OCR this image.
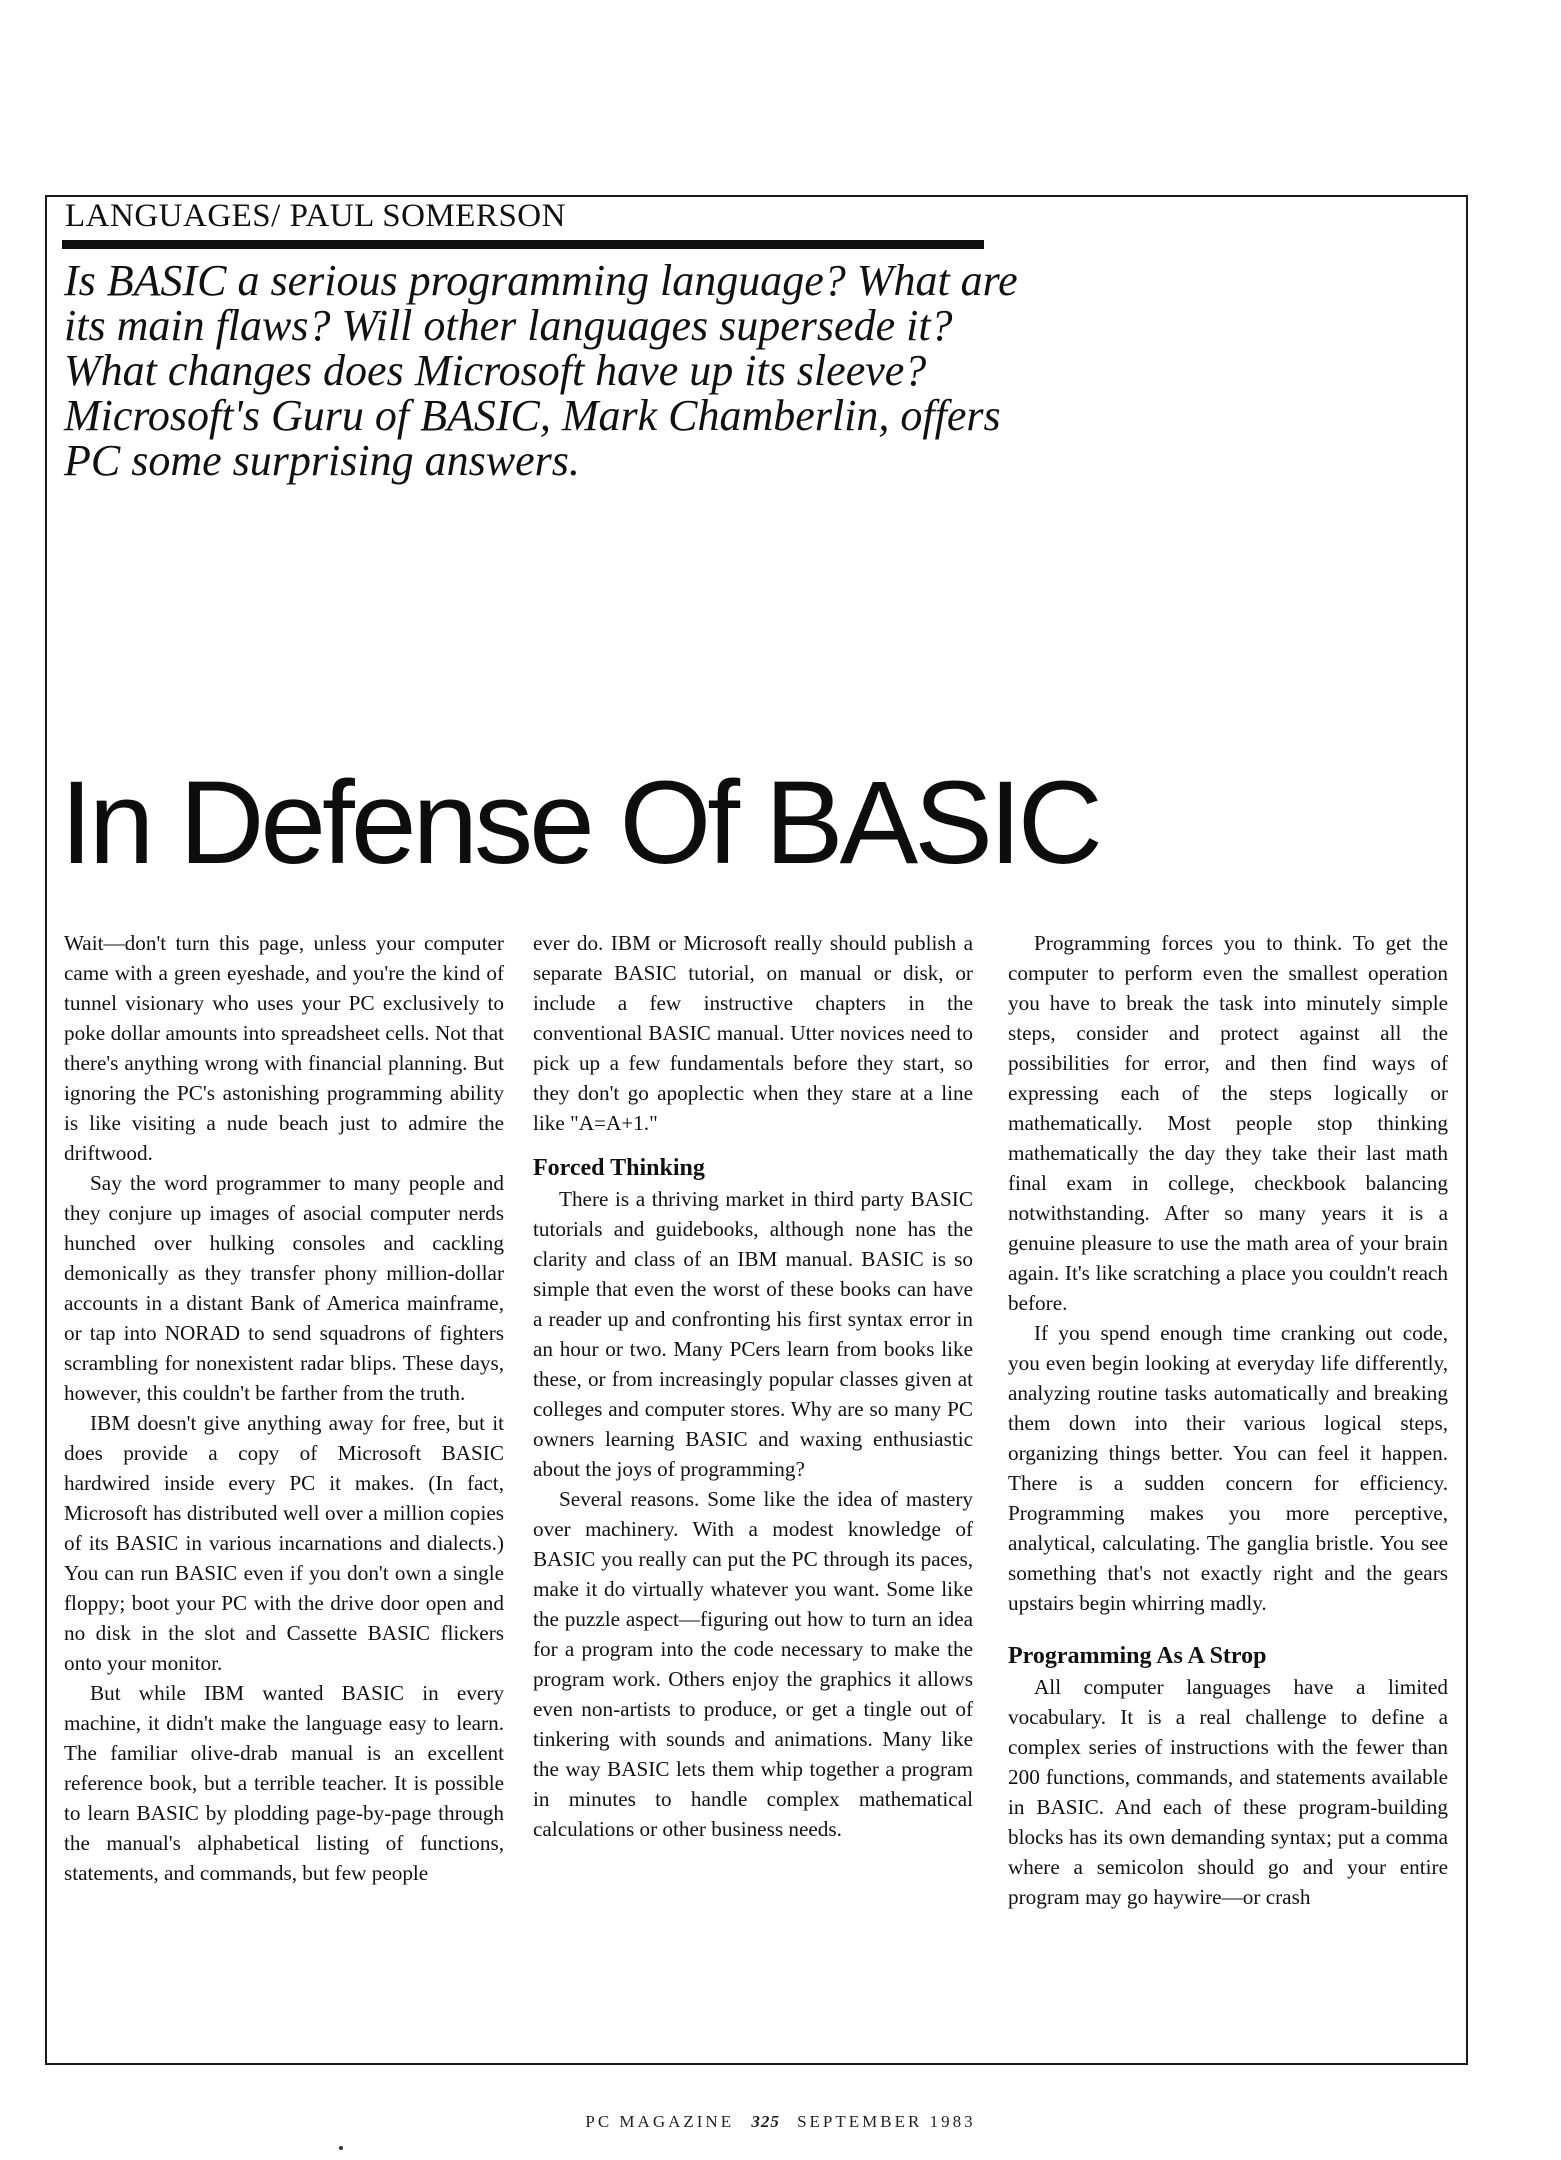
LANGUAGES/ PAUL SOMERSON
Is BASIC a serious programming language? What are its main flaws? Will other languages supersede it? What changes does Microsoft have up its sleeve? Microsoft's Guru of BASIC, Mark Chamberlin, offers PC some surprising answers.
In Defense Of BASIC

Wait—don't turn this page, unless your computer came with a green eyeshade, and you're the kind of tunnel visionary who uses your PC exclusively to poke dollar amounts into spreadsheet cells. Not that there's anything wrong with financial planning. But ignoring the PC's astonishing programming ability is like visiting a nude beach just to admire the driftwood.

Say the word programmer to many people and they conjure up images of asocial computer nerds hunched over hulking consoles and cackling demonically as they transfer phony million-dollar accounts in a distant Bank of America mainframe, or tap into NORAD to send squadrons of fighters scrambling for nonexistent radar blips. These days, however, this couldn't be farther from the truth.

IBM doesn't give anything away for free, but it does provide a copy of Microsoft BASIC hardwired inside every PC it makes. (In fact, Microsoft has distributed well over a million copies of its BASIC in various incarnations and dialects.) You can run BASIC even if you don't own a single floppy; boot your PC with the drive door open and no disk in the slot and Cassette BASIC flickers onto your monitor.

But while IBM wanted BASIC in every machine, it didn't make the language easy to learn. The familiar olive-drab manual is an excellent reference book, but a terrible teacher. It is possible to learn BASIC by plodding page-by-page through the manual's alphabetical listing of functions, statements, and commands, but few people

ever do. IBM or Microsoft really should publish a separate BASIC tutorial, on manual or disk, or include a few instructive chapters in the conventional BASIC manual. Utter novices need to pick up a few fundamentals before they start, so they don't go apoplectic when they stare at a line like "A=A+1."

Forced Thinking

There is a thriving market in third party BASIC tutorials and guidebooks, although none has the clarity and class of an IBM manual. BASIC is so simple that even the worst of these books can have a reader up and confronting his first syntax error in an hour or two. Many PCers learn from books like these, or from increasingly popular classes given at colleges and computer stores. Why are so many PC owners learning BASIC and waxing enthusiastic about the joys of programming?

Several reasons. Some like the idea of mastery over machinery. With a modest knowledge of BASIC you really can put the PC through its paces, make it do virtually whatever you want. Some like the puzzle aspect—figuring out how to turn an idea for a program into the code necessary to make the program work. Others enjoy the graphics it allows even non-artists to produce, or get a tingle out of tinkering with sounds and animations. Many like the way BASIC lets them whip together a program in minutes to handle complex mathematical calculations or other business needs.

Programming forces you to think. To get the computer to perform even the smallest operation you have to break the task into minutely simple steps, consider and protect against all the possibilities for error, and then find ways of expressing each of the steps logically or mathematically. Most people stop thinking mathematically the day they take their last math final exam in college, checkbook balancing notwithstanding. After so many years it is a genuine pleasure to use the math area of your brain again. It's like scratching a place you couldn't reach before.

If you spend enough time cranking out code, you even begin looking at everyday life differently, analyzing routine tasks automatically and breaking them down into their various logical steps, organizing things better. You can feel it happen. There is a sudden concern for efficiency. Programming makes you more perceptive, analytical, calculating. The ganglia bristle. You see something that's not exactly right and the gears upstairs begin whirring madly.

Programming As A Strop

All computer languages have a limited vocabulary. It is a real challenge to define a complex series of instructions with the fewer than 200 functions, commands, and statements available in BASIC. And each of these program-building blocks has its own demanding syntax; put a comma where a semicolon should go and your entire program may go haywire—or crash

PC MAGAZINE 325 SEPTEMBER 1983
